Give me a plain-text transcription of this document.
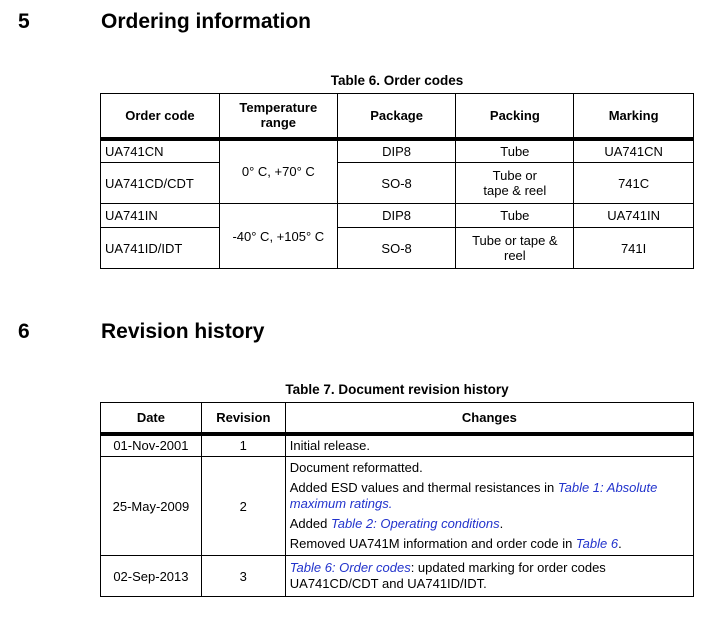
5	Ordering information
Table 6. Order codes
Order code	Temperature range	Package	Packing	Marking
UA741CN	0° C, +70° C	DIP8	Tube	UA741CN
UA741CD/CDT		SO-8	Tube or tape & reel	741C
UA741IN	-40° C, +105° C	DIP8	Tube	UA741IN
UA741ID/IDT		SO-8	Tube or tape & reel	741I
6	Revision history
Table 7. Document revision history
Date	Revision	Changes
01-Nov-2001	1	Initial release.
25-May-2009	2	Document reformatted.
Added ESD values and thermal resistances in Table 1: Absolute maximum ratings.
Added Table 2: Operating conditions.
Removed UA741M information and order code in Table 6.

02-Sep-2013	3	Table 6: Order codes: updated marking for order codes UA741CD/CDT and UA741ID/IDT.
